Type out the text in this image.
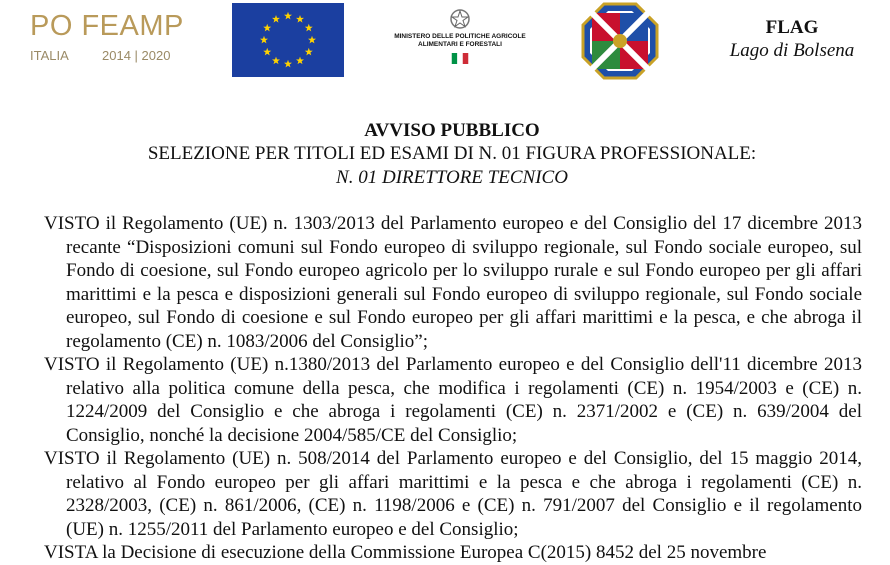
PO FEAMP
ITALIA	2014 | 2020
MINISTERO DELLE POLITICHE AGRICOLE
ALIMENTARI E FORESTALI
FLAG
Lago di Bolsena
AVVISO PUBBLICO
SELEZIONE PER TITOLI ED ESAMI DI N. 01 FIGURA PROFESSIONALE:
N. 01 DIRETTORE TECNICO

VISTO il Regolamento (UE) n. 1303/2013 del Parlamento europeo e del Consiglio del 17 dicembre 2013 recante “Disposizioni comuni sul Fondo europeo di sviluppo regionale, sul Fondo sociale europeo, sul Fondo di coesione, sul Fondo europeo agricolo per lo sviluppo rurale e sul Fondo europeo per gli affari marittimi e la pesca e disposizioni generali sul Fondo europeo di sviluppo regionale, sul Fondo sociale europeo, sul Fondo di coesione e sul Fondo europeo per gli affari marittimi e la pesca, e che abroga il regolamento (CE) n. 1083/2006 del Consiglio”;

VISTO il Regolamento (UE) n.1380/2013 del Parlamento europeo e del Consiglio dell'11 dicembre 2013 relativo alla politica comune della pesca, che modifica i regolamenti (CE) n. 1954/2003 e (CE) n. 1224/2009 del Consiglio e che abroga i regolamenti (CE) n. 2371/2002 e (CE) n. 639/2004 del Consiglio, nonché la decisione 2004/585/CE del Consiglio;

VISTO il Regolamento (UE) n. 508/2014 del Parlamento europeo e del Consiglio, del 15 maggio 2014, relativo al Fondo europeo per gli affari marittimi e la pesca e che abroga i regolamenti (CE) n. 2328/2003, (CE) n. 861/2006, (CE) n. 1198/2006 e (CE) n. 791/2007 del Consiglio e il regolamento (UE) n. 1255/2011 del Parlamento europeo e del Consiglio;

VISTA la Decisione di esecuzione della Commissione Europea C(2015) 8452 del 25 novembre
